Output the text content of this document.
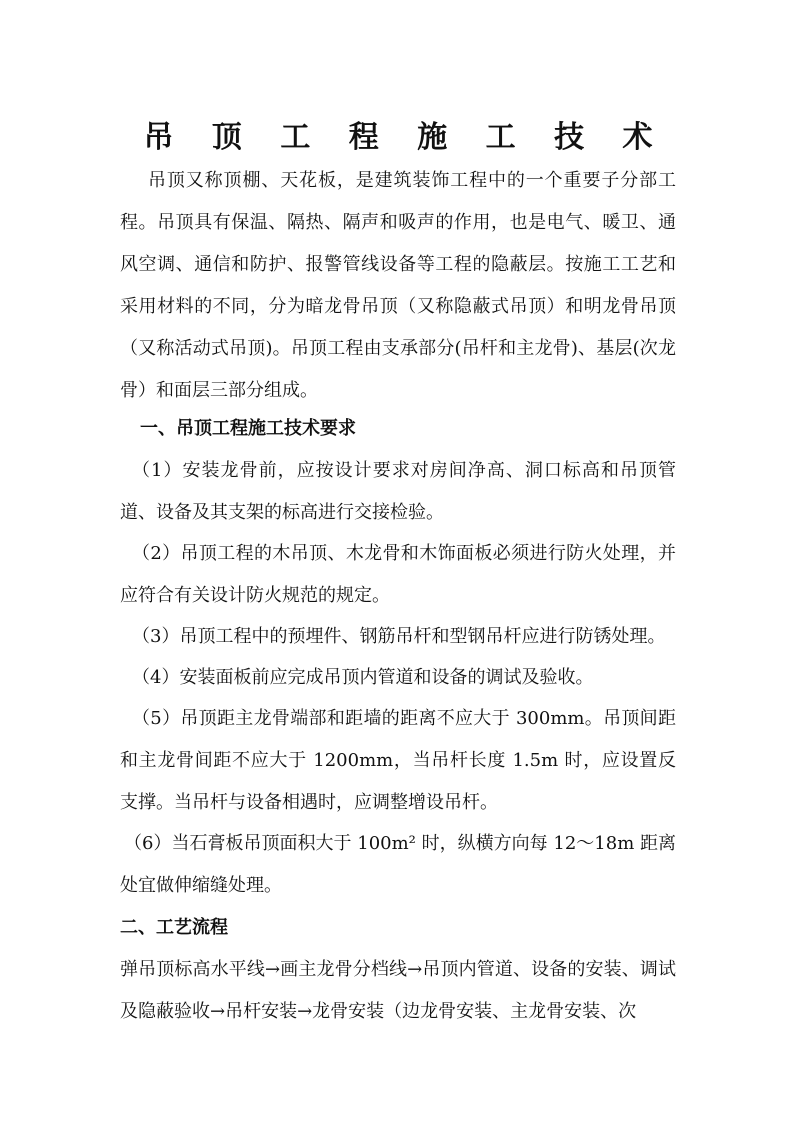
吊 顶 工 程 施 工 技 术

吊顶又称顶棚、天花板，是建筑装饰工程中的一个重要子分部工程。吊顶具有保温、隔热、隔声和吸声的作用，也是电气、暖卫、通风空调、通信和防护、报警管线设备等工程的隐蔽层。按施工工艺和采用材料的不同，分为暗龙骨吊顶（又称隐蔽式吊顶）和明龙骨吊顶（又称活动式吊顶)。吊顶工程由支承部分(吊杆和主龙骨)、基层(次龙骨）和面层三部分组成。

一、吊顶工程施工技术要求

（1）安装龙骨前，应按设计要求对房间净高、洞口标高和吊顶管道、设备及其支架的标高进行交接检验。

（2）吊顶工程的木吊顶、木龙骨和木饰面板必须进行防火处理，并应符合有关设计防火规范的规定。

（3）吊顶工程中的预埋件、钢筋吊杆和型钢吊杆应进行防锈处理。

（4）安装面板前应完成吊顶内管道和设备的调试及验收。

（5）吊顶距主龙骨端部和距墙的距离不应大于 300mm。吊顶间距和主龙骨间距不应大于 1200mm，当吊杆长度 1.5m 时，应设置反支撑。当吊杆与设备相遇时，应调整增设吊杆。

（6）当石膏板吊顶面积大于 100m² 时，纵横方向每 12～18m 距离处宜做伸缩缝处理。

二、工艺流程

弹吊顶标高水平线→画主龙骨分档线→吊顶内管道、设备的安装、调试及隐蔽验收→吊杆安装→龙骨安装（边龙骨安装、主龙骨安装、次
